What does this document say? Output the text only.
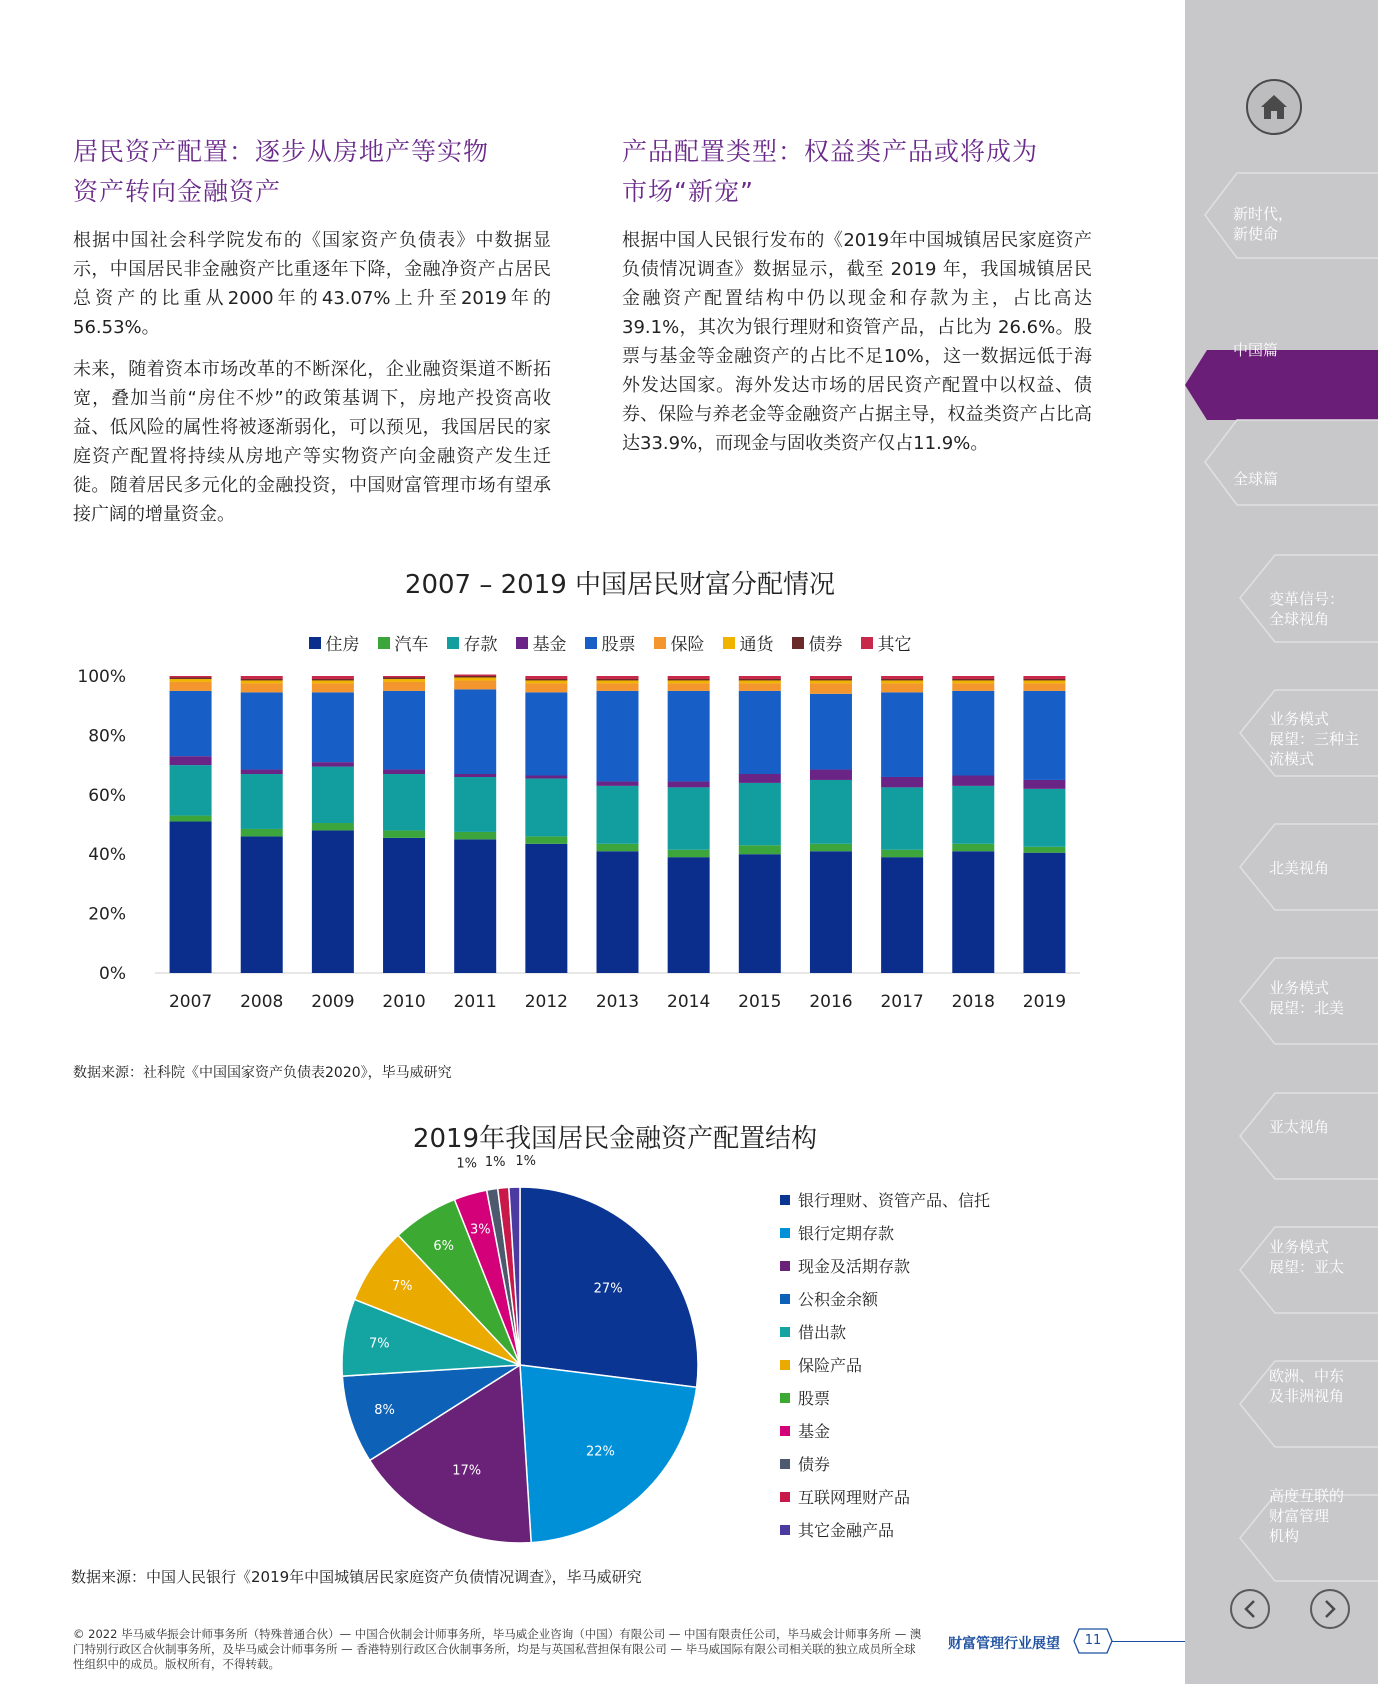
居民资产配置：逐步从房地产等实物
资产转向金融资产

根据中国社会科学院发布的《国家资产负债表》中数据显示，中国居民非金融资产比重逐年下降，金融净资产占居民总资产的比重从2000年的43.07%上升至2019年的56.53%。

未来，随着资本市场改革的不断深化，企业融资渠道不断拓宽，叠加当前“房住不炒”的政策基调下，房地产投资高收益、低风险的属性将被逐渐弱化，可以预见，我国居民的家庭资产配置将持续从房地产等实物资产向金融资产发生迁徙。随着居民多元化的金融投资，中国财富管理市场有望承接广阔的增量资金。

产品配置类型：权益类产品或将成为
市场“新宠”

根据中国人民银行发布的《2019年中国城镇居民家庭资产负债情况调查》数据显示，截至 2019 年，我国城镇居民金融资产配置结构中仍以现金和存款为主，占比高达 39.1%，其次为银行理财和资管产品，占比为 26.6%。股票与基金等金融资产的占比不足10%，这一数据远低于海外发达国家。海外发达市场的居民资产配置中以权益、债券、保险与养老金等金融资产占据主导，权益类资产占比高达33.9%，而现金与固收类资产仅占11.9%。

2007 – 2019 中国居民财富分配情况
住房 汽车 存款 基金 股票 保险 通货 债券 其它
0%
20%
40%
60%
80%
100%
2007 2008 2009 2010 2011 2012 2013 2014 2015 2016 2017 2018 2019
数据来源：社科院《中国国家资产负债表2020》，毕马威研究
2019年我国居民金融资产配置结构
27%
22%
17%
8%
7%
7%
6%
3%
1% 1% 1%
银行理财、资管产品、信托
银行定期存款
现金及活期存款
公积金余额
借出款
保险产品
股票
基金
债券
互联网理财产品
其它金融产品
数据来源：中国人民银行《2019年中国城镇居民家庭资产负债情况调查》，毕马威研究
© 2022 毕马威华振会计师事务所（特殊普通合伙）— 中国合伙制会计师事务所，毕马威企业咨询（中国）有限公司 — 中国有限责任公司，毕马威会计师事务所 — 澳门特别行政区合伙制事务所，及毕马威会计师事务所 — 香港特别行政区合伙制事务所，均是与英国私营担保有限公司 — 毕马威国际有限公司相关联的独立成员所全球性组织中的成员。版权所有，不得转载。
财富管理行业展望	11
新时代，
新使命
中国篇
全球篇
变革信号：
全球视角
业务模式
展望：三种主
流模式
北美视角
业务模式
展望：北美
亚太视角
业务模式
展望：亚太
欧洲、中东
及非洲视角
高度互联的
财富管理
机构
